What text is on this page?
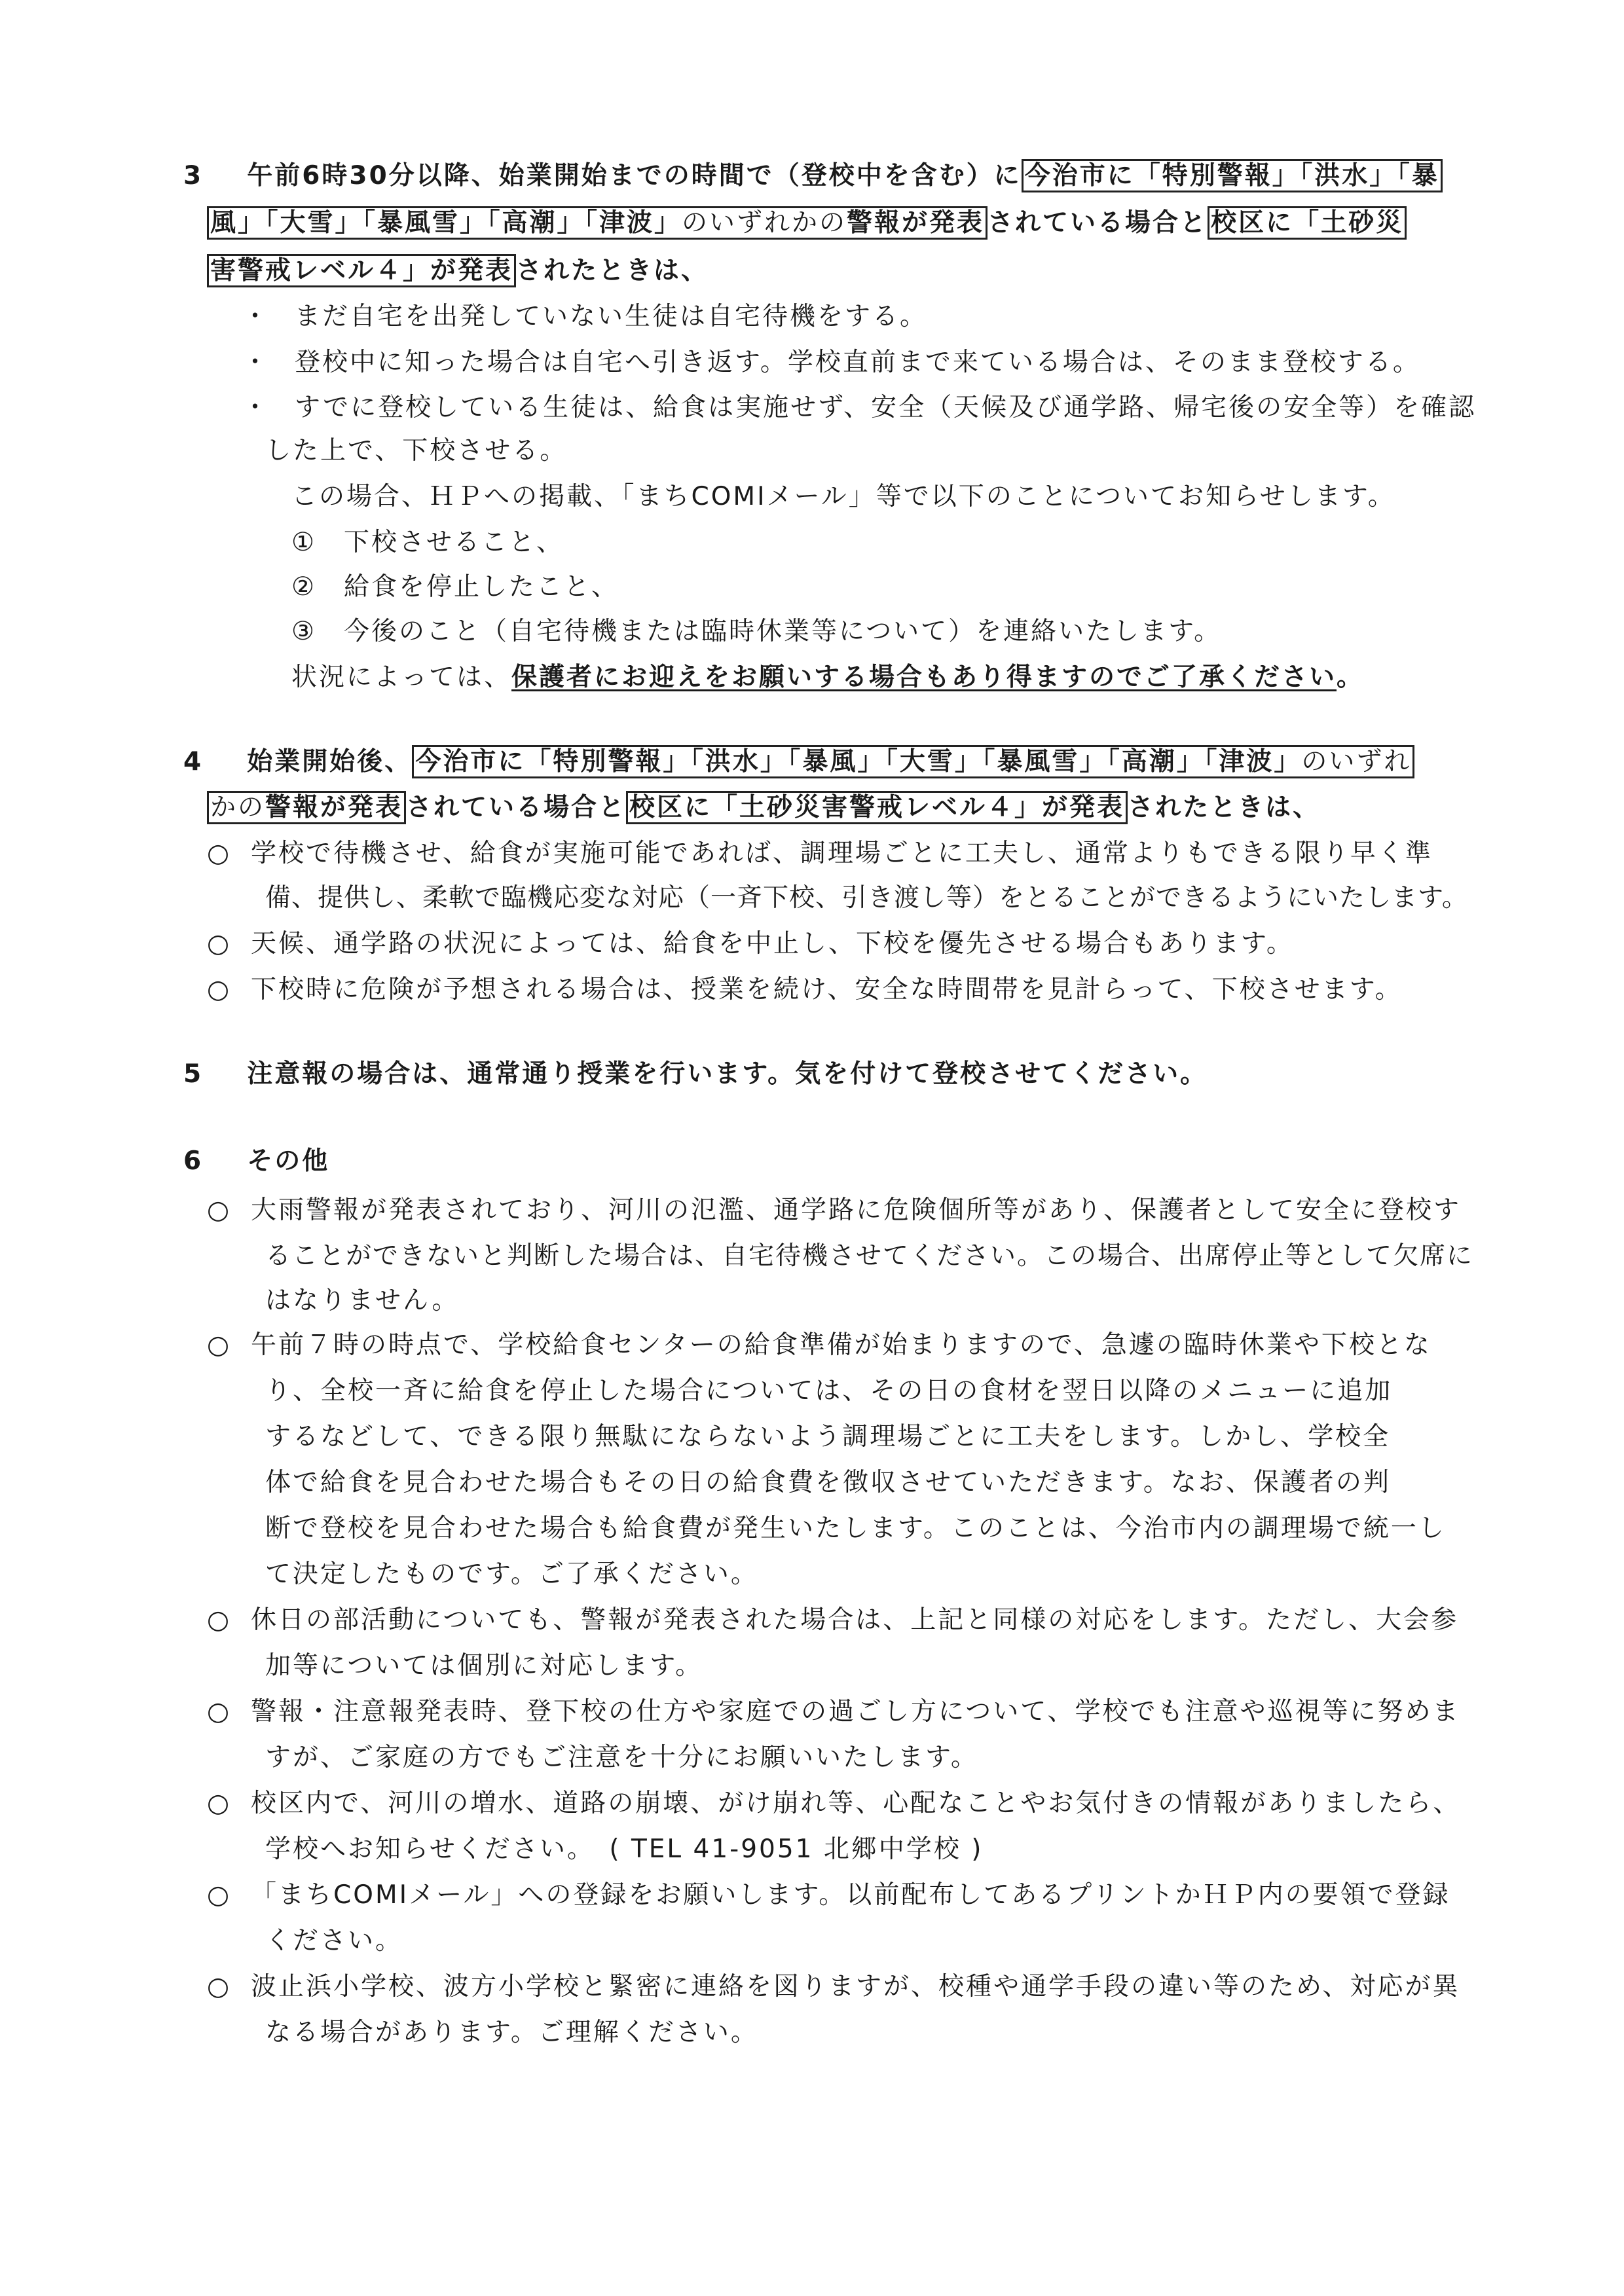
3 午前6時30分以降、始業開始までの時間で（登校中を含む）に 今治市に「特別警報」「洪水」「暴
風」「大雪」「暴風雪」「高潮」「津波」のいずれかの警報が発表 されている場合と 校区に「土砂災
害警戒レベル４」が発表 されたときは、
・ まだ自宅を出発していない生徒は自宅待機をする。
・ 登校中に知った場合は自宅へ引き返す。学校直前まで来ている場合は、そのまま登校する。
・ すでに登校している生徒は、給食は実施せず、安全（天候及び通学路、帰宅後の安全等）を確認
した上で、下校させる。
この場合、ＨＰへの掲載、「まちCOMIメール」等で以下のことについてお知らせします。
①　下校させること、
②　給食を停止したこと、
③　今後のこと（自宅待機または臨時休業等について）を連絡いたします。
状況によっては、保護者にお迎えをお願いする場合もあり得ますのでご了承ください。
4 始業開始後、 今治市に「特別警報」「洪水」「暴風」「大雪」「暴風雪」「高潮」「津波」のいずれ
かの警報が発表 されている場合と 校区に「土砂災害警戒レベル４」が発表 されたときは、
○ 学校で待機させ、給食が実施可能であれば、調理場ごとに工夫し、通常よりもできる限り早く準
備、提供し、柔軟で臨機応変な対応（一斉下校、引き渡し等）をとることができるようにいたします。
○ 天候、通学路の状況によっては、給食を中止し、下校を優先させる場合もあります。
○ 下校時に危険が予想される場合は、授業を続け、安全な時間帯を見計らって、下校させます。
5 注意報の場合は、通常通り授業を行います。気を付けて登校させてください。
6 その他
○ 大雨警報が発表されており、河川の氾濫、通学路に危険個所等があり、保護者として安全に登校す
ることができないと判断した場合は、自宅待機させてください。この場合、出席停止等として欠席に
はなりません。
○ 午前７時の時点で、学校給食センターの給食準備が始まりますので、急遽の臨時休業や下校とな
り、全校一斉に給食を停止した場合については、その日の食材を翌日以降のメニューに追加
するなどして、できる限り無駄にならないよう調理場ごとに工夫をします。しかし、学校全
体で給食を見合わせた場合もその日の給食費を徴収させていただきます。なお、保護者の判
断で登校を見合わせた場合も給食費が発生いたします。このことは、今治市内の調理場で統一し
て決定したものです。ご了承ください。
○ 休日の部活動についても、警報が発表された場合は、上記と同様の対応をします。ただし、大会参
加等については個別に対応します。
○ 警報・注意報発表時、登下校の仕方や家庭での過ごし方について、学校でも注意や巡視等に努めま
すが、ご家庭の方でもご注意を十分にお願いいたします。
○ 校区内で、河川の増水、道路の崩壊、がけ崩れ等、心配なことやお気付きの情報がありましたら、
学校へお知らせください。　( TEL 41-9051 北郷中学校 )
○ 「まちCOMIメール」への登録をお願いします。以前配布してあるプリントかＨＰ内の要領で登録
ください。
○ 波止浜小学校、波方小学校と緊密に連絡を図りますが、校種や通学手段の違い等のため、対応が異
なる場合があります。ご理解ください。
